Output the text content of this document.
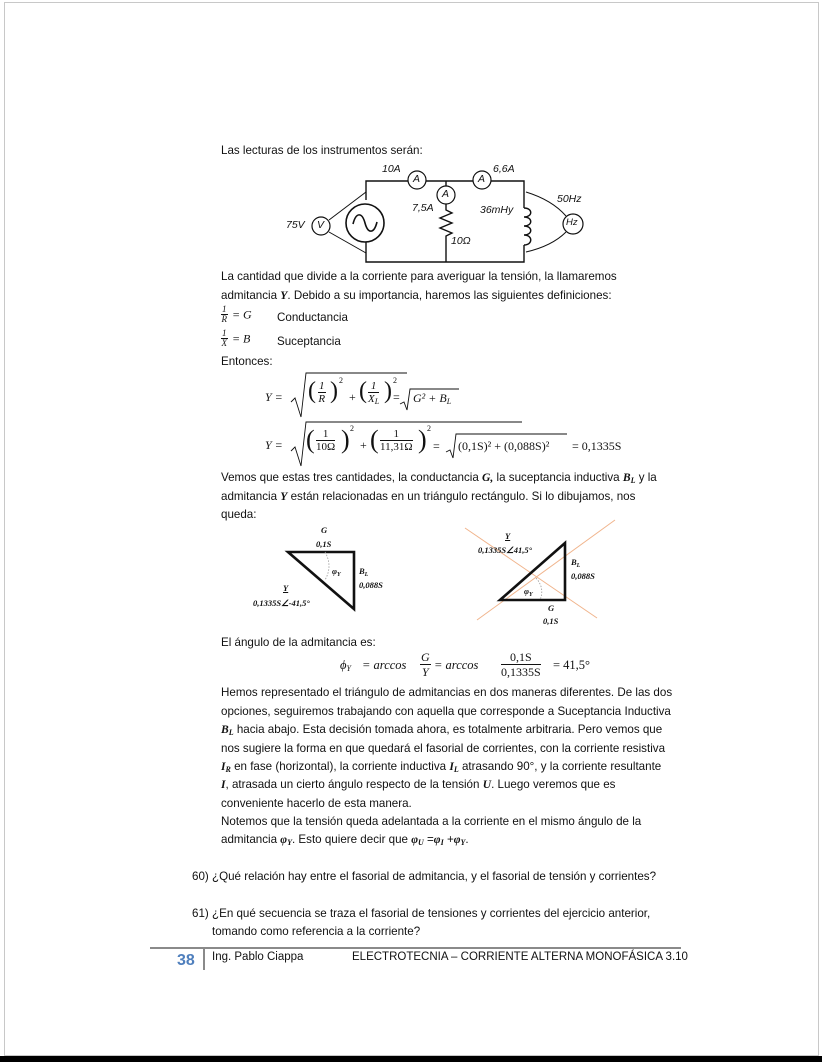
Las lecturas de los instrumentos serán:
V
A
A
A
Hz
10A
7,5A
6,6A
75V
50Hz
10Ω
36mHy
La cantidad que divide a la corriente para averiguar la tensión, la llamaremos
admitancia Y. Debido a su importancia, haremos las siguientes definiciones:
$\frac{1}{R} = G$ Conductancia
$\frac{1}{X} = B$ Suceptancia
Entonces:
Y = ( $\frac{1}{R}$ ) 2
+ ( $\frac{1}{X_L}$ ) 2
= $G^2 + B_L$
Y = ( $\frac{1}{10\Omega}$ ) 2
+ ( $\frac{1}{11,31\Omega}$ ) 2
= (0,1S)² + (0,088S)² = 0,1335S
Vemos que estas tres cantidades, la conductancia G, la suceptancia inductiva $B_L$ y la
admitancia Y están relacionadas en un triángulo rectángulo. Si lo dibujamos, nos
queda:
G
0,1S
$\varphi_Y$ $B_L$
0,088S
Y
0,1335S∠-41,5°
Y
0,1335S∠41,5°
$B_L$
0,088S
$\varphi_Y$
G
0,1S
El ángulo de la admitancia es:
$\phi_Y = \arccos \frac{G}{Y} = \arccos \frac{0,1S}{0,1335S} = 41,5^\circ$
Hemos representado el triángulo de admitancias en dos maneras diferentes. De las dos
opciones, seguiremos trabajando con aquella que corresponde a Suceptancia Inductiva
$B_L$ hacia abajo. Esta decisión tomada ahora, es totalmente arbitraria. Pero vemos que
nos sugiere la forma en que quedará el fasorial de corrientes, con la corriente resistiva
$I_R$ en fase (horizontal), la corriente inductiva $I_L$ atrasando 90°, y la corriente resultante
I, atrasada un cierto ángulo respecto de la tensión U. Luego veremos que es
conveniente hacerlo de esta manera.
Notemos que la tensión queda adelantada a la corriente en el mismo ángulo de la
admitancia $\varphi_Y$. Esto quiere decir que $\varphi_U =\varphi_I +\varphi_Y$.
60) ¿Qué relación hay entre el fasorial de admitancia, y el fasorial de tensión y corrientes?
61) ¿En qué secuencia se traza el fasorial de tensiones y corrientes del ejercicio anterior,
tomando como referencia a la corriente?
38 Ing. Pablo Ciappa	ELECTROTECNIA – CORRIENTE ALTERNA MONOFÁSICA 3.10
